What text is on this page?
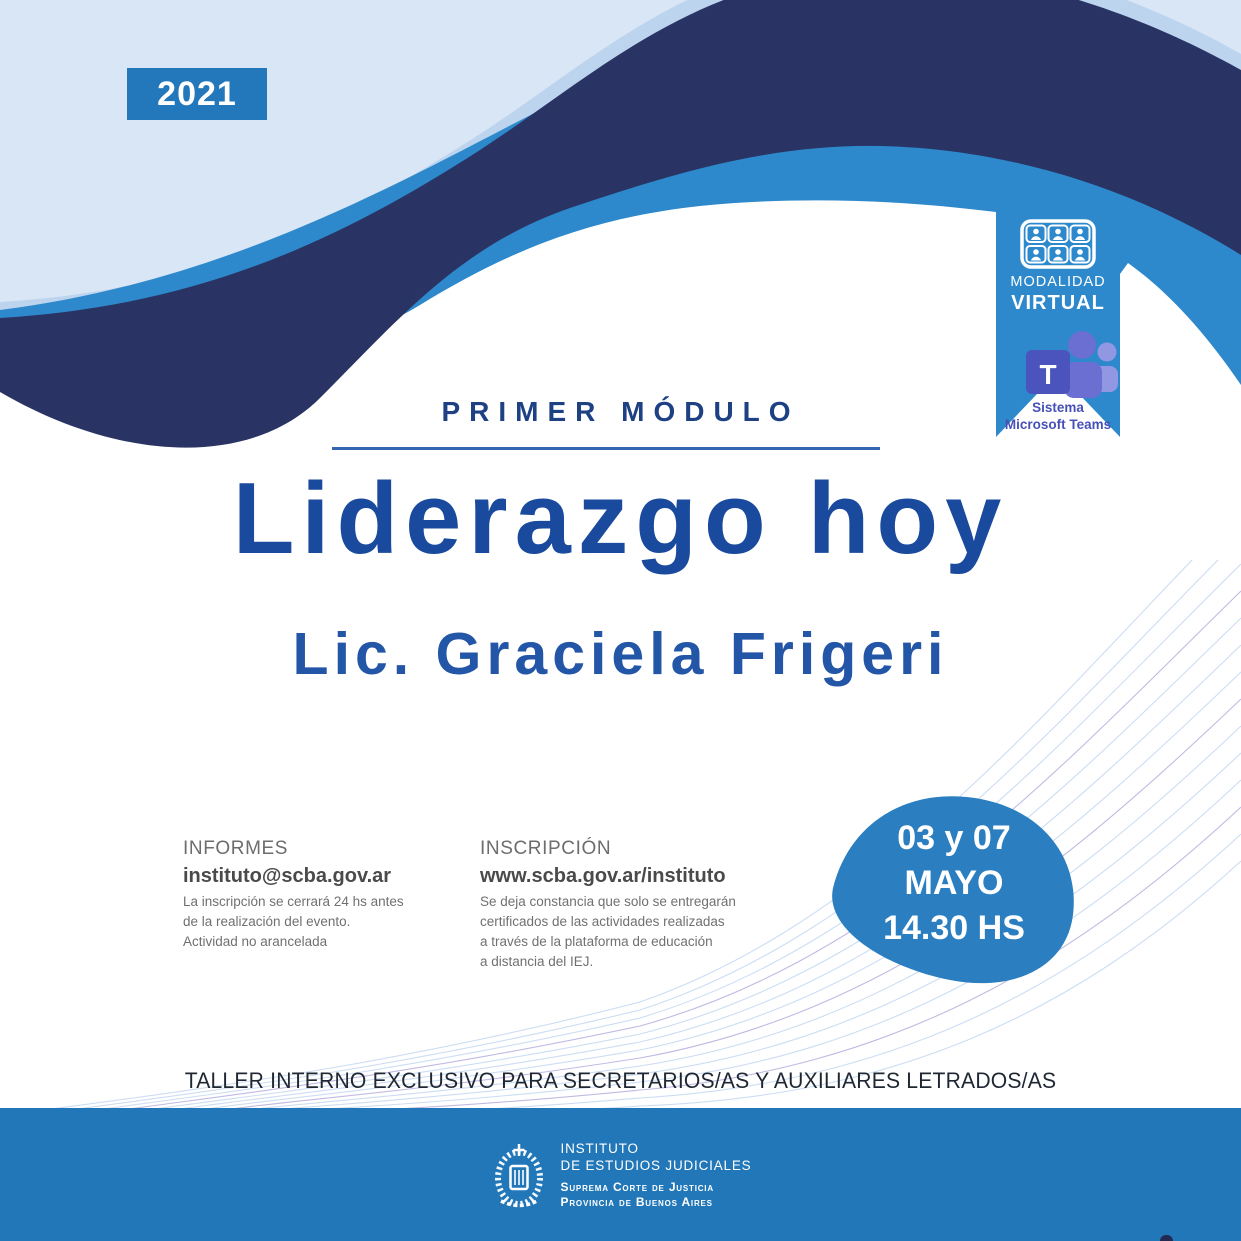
2021
MODALIDAD
VIRTUAL
T
Sistema
Microsoft Teams
PRIMER MÓDULO
Liderazgo hoy
Lic. Graciela Frigeri
INFORMES
instituto@scba.gov.ar
La inscripción se cerrará 24 hs antes
de la realización del evento.
Actividad no arancelada
INSCRIPCIÓN
www.scba.gov.ar/instituto
Se deja constancia que solo se entregarán
certificados de las actividades realizadas
a través de la plataforma de educación
a distancia del IEJ.
03 y 07
MAYO
14.30 HS
TALLER INTERNO EXCLUSIVO PARA SECRETARIOS/AS Y AUXILIARES LETRADOS/AS
INSTITUTO
DE ESTUDIOS JUDICIALES
Suprema Corte de Justicia
Provincia de Buenos Aires
